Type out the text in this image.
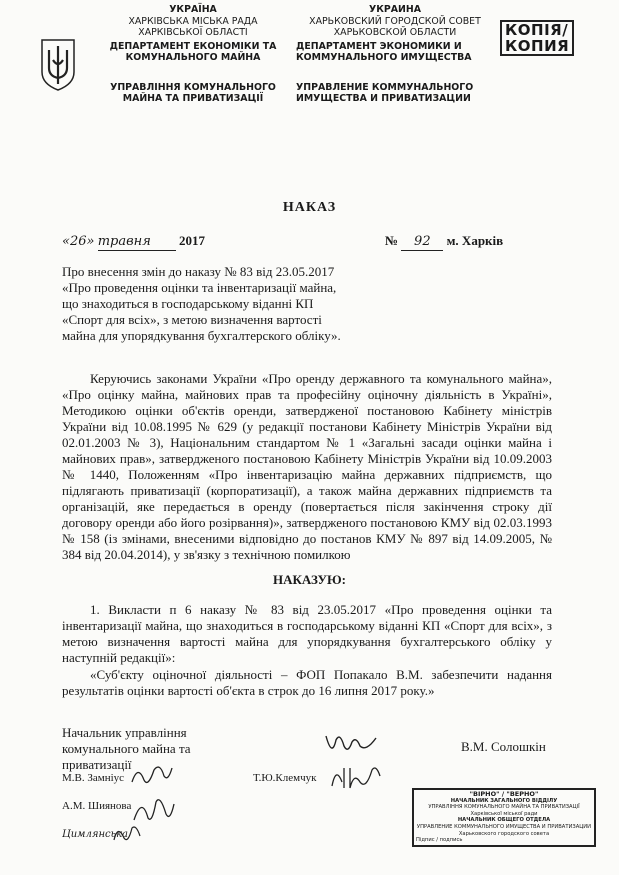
УКРАЇНА
ХАРКІВСЬКА МІСЬКА РАДА
ХАРКІВСЬКОЇ ОБЛАСТІ
ДЕПАРТАМЕНТ ЕКОНОМІКИ ТА КОМУНАЛЬНОГО МАЙНА
УПРАВЛІННЯ КОМУНАЛЬНОГО МАЙНА ТА ПРИВАТИЗАЦІЇ
УКРАИНА
ХАРЬКОВСКИЙ ГОРОДСКОЙ СОВЕТ
ХАРЬКОВСКОЙ ОБЛАСТИ
ДЕПАРТАМЕНТ ЭКОНОМИКИ И КОММУНАЛЬНОГО ИМУЩЕСТВА
УПРАВЛЕНИЕ КОММУНАЛЬНОГО ИМУЩЕСТВА И ПРИВАТИЗАЦИИ
КОПІЯ/
КОПИЯ
НАКАЗ
«26» травня 2017	№ 92 м. Харків
Про внесення змін до наказу № 83 від 23.05.2017 «Про проведення оцінки та інвентаризації майна, що знаходиться в господарському віданні КП «Спорт для всіх», з метою визначення вартості майна для упорядкування бухгалтерского обліку».
Керуючись законами України «Про оренду державного та комунального майна», «Про оцінку майна, майнових прав та професійну оціночну діяльність в Україні», Методикою оцінки об'єктів оренди, затвердженої постановою Кабінету міністрів України від 10.08.1995 № 629 (у редакції постанови Кабінету Міністрів України від 02.01.2003 № 3), Національним стандартом № 1 «Загальні засади оцінки майна і майнових прав», затвердженого постановою Кабінету Міністрів України від 10.09.2003 № 1440, Положенням «Про інвентаризацію майна державних підприємств, що підлягають приватизації (корпоратизації), а також майна державних підприємств та організацій, яке передається в оренду (повертається після закінчення строку дії договору оренди або його розірвання)», затвердженого постановою КМУ від 02.03.1993 № 158 (із змінами, внесеними відповідно до постанов КМУ № 897 від 14.09.2005, № 384 від 20.04.2014), у зв'язку з технічною помилкою
НАКАЗУЮ:
1. Викласти п 6 наказу № 83 від 23.05.2017 «Про проведення оцінки та інвентаризації майна, що знаходиться в господарському віданні КП «Спорт для всіх», з метою визначення вартості майна для упорядкування бухгалтерського обліку у наступній редакції»:
«Суб'єкту оціночної діяльності – ФОП Попакало В.М. забезпечити надання результатів оцінки вартості об'єкта в строк до 16 липня 2017 року.»
Начальник управління комунального майна та приватизації
В.М. Солошкін
М.В. Замніус	Т.Ю.Клемчук
А.М. Шиянова
Цимлянська
"ВІРНО" / "ВЕРНО"
НАЧАЛЬНИК ЗАГАЛЬНОГО ВІДДІЛУ
УПРАВЛІННЯ КОМУНАЛЬНОГО МАЙНА ТА ПРИВАТИЗАЦІЇ
Харківської міської ради
НАЧАЛЬНИК ОБЩЕГО ОТДЕЛА
УПРАВЛЕНИЕ КОММУНАЛЬНОГО ИМУЩЕСТВА И ПРИВАТИЗАЦИИ
Харьковского городского совета
Підпис / подпись
